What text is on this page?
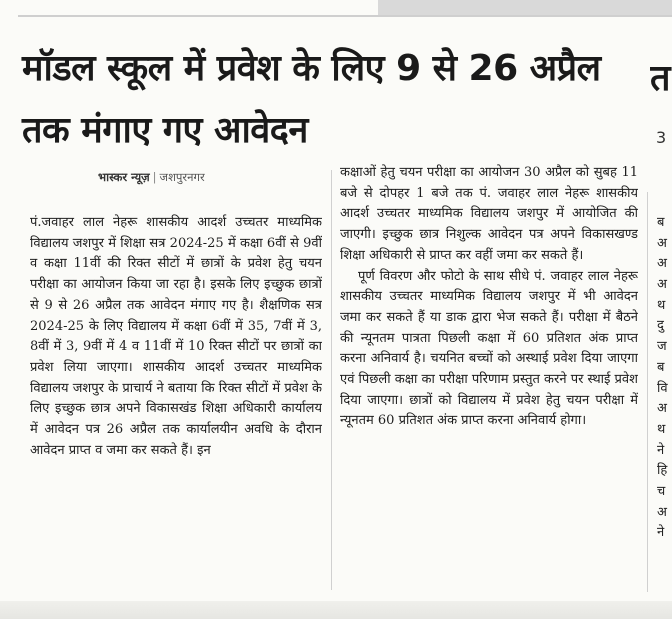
मॉडल स्कूल में प्रवेश के लिए 9 से 26 अप्रैल तक मंगाए गए आवेदन
त
3
भास्कर न्यूज़ | जशपुरनगर

पं.जवाहर लाल नेहरू शासकीय आदर्श उच्चतर माध्यमिक विद्यालय जशपुर में शिक्षा सत्र 2024-25 में कक्षा 6वीं से 9वीं व कक्षा 11वीं की रिक्त सीटों में छात्रों के प्रवेश हेतु चयन परीक्षा का आयोजन किया जा रहा है। इसके लिए इच्छुक छात्रों से 9 से 26 अप्रैल तक आवेदन मंगाए गए है। शैक्षणिक सत्र 2024-25 के लिए विद्यालय में कक्षा 6वीं में 35, 7वीं में 3, 8वीं में 3, 9वीं में 4 व 11वीं में 10 रिक्त सीटों पर छात्रों का प्रवेश लिया जाएगा। शासकीय आदर्श उच्चतर माध्यमिक विद्यालय जशपुर के प्राचार्य ने बताया कि रिक्त सीटों में प्रवेश के लिए इच्छुक छात्र अपने विकासखंड शिक्षा अधिकारी कार्यालय में आवेदन पत्र 26 अप्रैल तक कार्यालयीन अवधि के दौरान आवेदन प्राप्त व जमा कर सकते हैं। इन

कक्षाओं हेतु चयन परीक्षा का आयोजन 30 अप्रैल को सुबह 11 बजे से दोपहर 1 बजे तक पं. जवाहर लाल नेहरू शासकीय आदर्श उच्चतर माध्यमिक विद्यालय जशपुर में आयोजित की जाएगी। इच्छुक छात्र निशुल्क आवेदन पत्र अपने विकासखण्ड शिक्षा अधिकारी से प्राप्त कर वहीं जमा कर सकते हैं।

पूर्ण विवरण और फोटो के साथ सीधे पं. जवाहर लाल नेहरू शासकीय उच्चतर माध्यमिक विद्यालय जशपुर में भी आवेदन जमा कर सकते हैं या डाक द्वारा भेज सकते हैं। परीक्षा में बैठने की न्यूनतम पात्रता पिछली कक्षा में 60 प्रतिशत अंक प्राप्त करना अनिवार्य है। चयनित बच्चों को अस्थाई प्रवेश दिया जाएगा एवं पिछली कक्षा का परीक्षा परिणाम प्रस्तुत करने पर स्थाई प्रवेश दिया जाएगा। छात्रों को विद्यालय में प्रवेश हेतु चयन परीक्षा में न्यूनतम 60 प्रतिशत अंक प्राप्त करना अनिवार्य होगा।

ब
अ
अ
अ
थ
दु
ज
ब
वि
अ
थ
ने
हि
च
अ
ने
